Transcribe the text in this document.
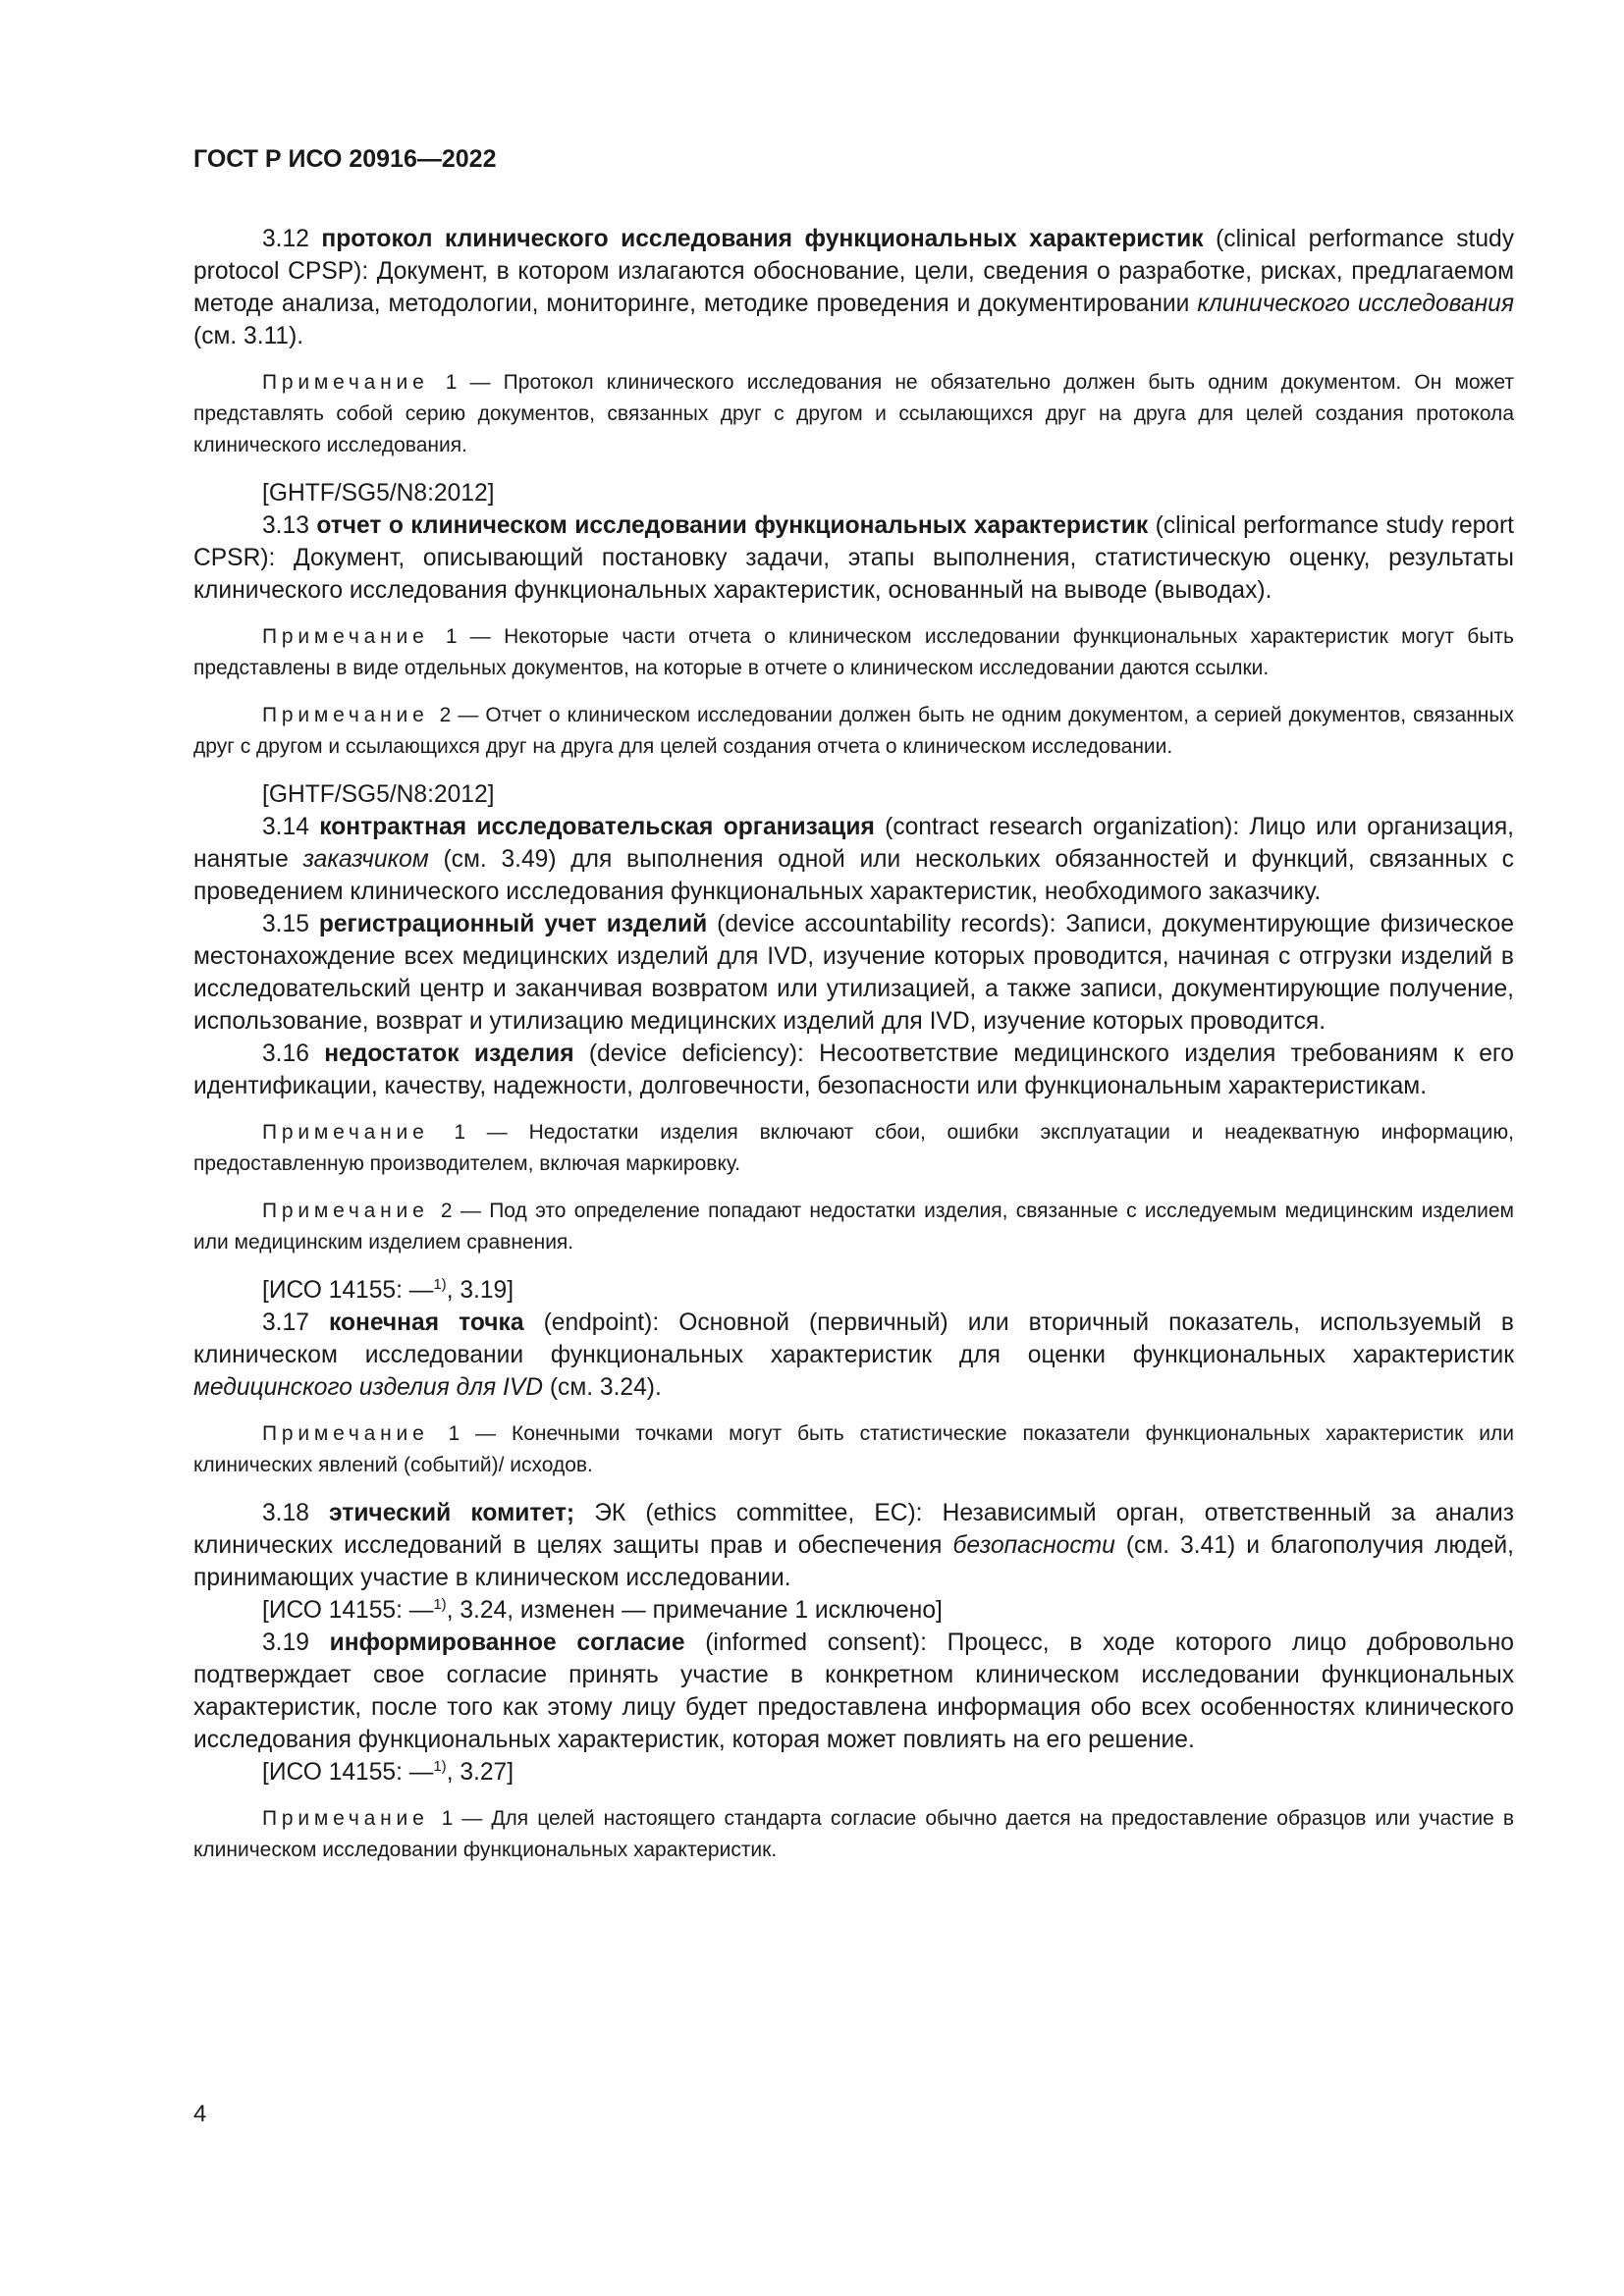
ГОСТ Р ИСО 20916—2022

3.12 протокол клинического исследования функциональных характеристик (clinical performance study protocol CPSP): Документ, в котором излагаются обоснование, цели, сведения о разработке, рисках, предлагаемом методе анализа, методологии, мониторинге, методике проведения и документировании клинического исследования (см. 3.11).

Примечание 1 — Протокол клинического исследования не обязательно должен быть одним документом. Он может представлять собой серию документов, связанных друг с другом и ссылающихся друг на друга для целей создания протокола клинического исследования.

[GHTF/SG5/N8:2012]

3.13 отчет о клиническом исследовании функциональных характеристик (clinical performance study report CPSR): Документ, описывающий постановку задачи, этапы выполнения, статистическую оценку, результаты клинического исследования функциональных характеристик, основанный на выводе (выводах).

Примечание 1 — Некоторые части отчета о клиническом исследовании функциональных характеристик могут быть представлены в виде отдельных документов, на которые в отчете о клиническом исследовании даются ссылки.

Примечание 2 — Отчет о клиническом исследовании должен быть не одним документом, а серией документов, связанных друг с другом и ссылающихся друг на друга для целей создания отчета о клиническом исследовании.

[GHTF/SG5/N8:2012]

3.14 контрактная исследовательская организация (contract research organization): Лицо или организация, нанятые заказчиком (см. 3.49) для выполнения одной или нескольких обязанностей и функций, связанных с проведением клинического исследования функциональных характеристик, необходимого заказчику.

3.15 регистрационный учет изделий (device accountability records): Записи, документирующие физическое местонахождение всех медицинских изделий для IVD, изучение которых проводится, начиная с отгрузки изделий в исследовательский центр и заканчивая возвратом или утилизацией, а также записи, документирующие получение, использование, возврат и утилизацию медицинских изделий для IVD, изучение которых проводится.

3.16 недостаток изделия (device deficiency): Несоответствие медицинского изделия требованиям к его идентификации, качеству, надежности, долговечности, безопасности или функциональным характеристикам.

Примечание 1 — Недостатки изделия включают сбои, ошибки эксплуатации и неадекватную информацию, предоставленную производителем, включая маркировку.

Примечание 2 — Под это определение попадают недостатки изделия, связанные с исследуемым медицинским изделием или медицинским изделием сравнения.

[ИСО 14155: —$^{1)}$, 3.19]

3.17 конечная точка (endpoint): Основной (первичный) или вторичный показатель, используемый в клиническом исследовании функциональных характеристик для оценки функциональных характеристик медицинского изделия для IVD (см. 3.24).

Примечание 1 — Конечными точками могут быть статистические показатели функциональных характеристик или клинических явлений (событий)/ исходов.

3.18 этический комитет; ЭК (ethics committee, EC): Независимый орган, ответственный за анализ клинических исследований в целях защиты прав и обеспечения безопасности (см. 3.41) и благополучия людей, принимающих участие в клиническом исследовании.

[ИСО 14155: —$^{1)}$, 3.24, изменен — примечание 1 исключено]

3.19 информированное согласие (informed consent): Процесс, в ходе которого лицо добровольно подтверждает свое согласие принять участие в конкретном клиническом исследовании функциональных характеристик, после того как этому лицу будет предоставлена информация обо всех особенностях клинического исследования функциональных характеристик, которая может повлиять на его решение.

[ИСО 14155: —$^{1)}$, 3.27]

Примечание 1 — Для целей настоящего стандарта согласие обычно дается на предоставление образцов или участие в клиническом исследовании функциональных характеристик.

4
